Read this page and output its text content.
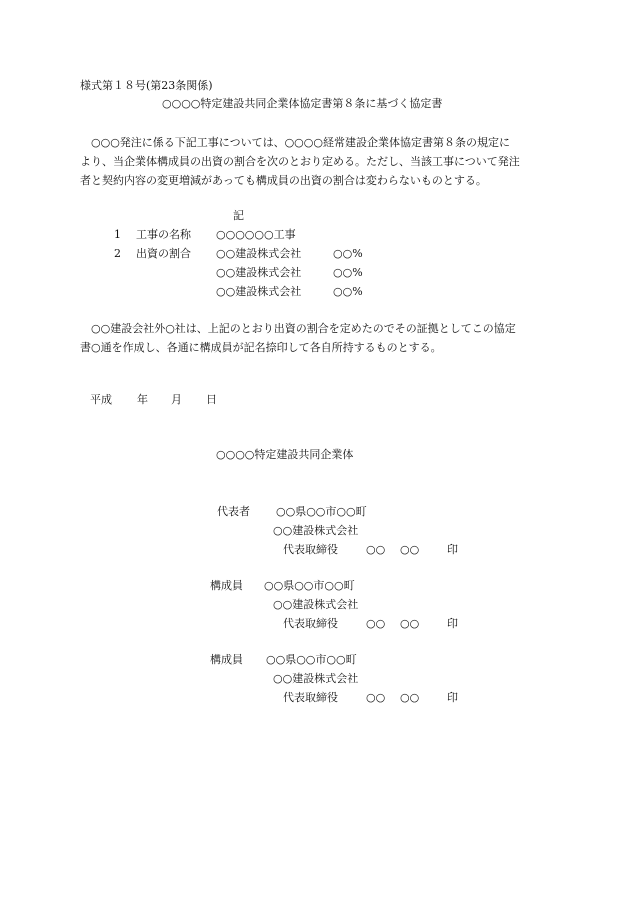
様式第１８号(第23条関係)
○○○○特定建設共同企業体協定書第８条に基づく協定書
　○○○発注に係る下記工事については、○○○○経常建設企業体協定書第８条の規定に
より、当企業体構成員の出資の割合を次のとおり定める。ただし、当該工事について発注
者と契約内容の変更増減があっても構成員の出資の割合は変わらないものとする。
記
1 工事の名称 ○○○○○○工事
2 出資の割合 ○○建設株式会社	○○%
○○建設株式会社	○○%
○○建設株式会社	○○%
　○○建設会社外○社は、上記のとおり出資の割合を定めたのでその証拠としてこの協定
書○通を作成し、各通に構成員が記名捺印して各自所持するものとする。
平成 年 月 日
○○○○特定建設共同企業体
代表者 ○○県○○市○○町
○○建設株式会社
代表取締役	○○ ○○	印
構成員 ○○県○○市○○町
○○建設株式会社
代表取締役	○○ ○○	印
構成員 ○○県○○市○○町
○○建設株式会社
代表取締役	○○ ○○	印
